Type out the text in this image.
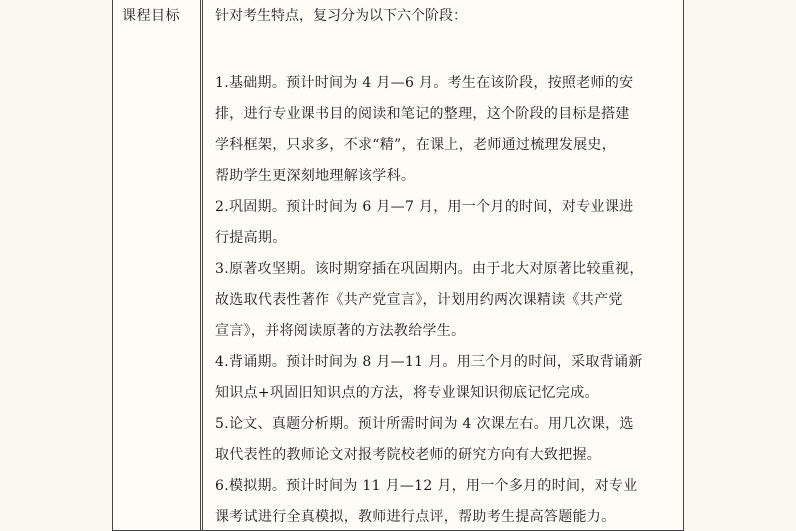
课程目标	针对考生特点，复习分为以下六个阶段：

1.基础期。预计时间为 4 月—6 月。考生在该阶段，按照老师的安
排，进行专业课书目的阅读和笔记的整理，这个阶段的目标是搭建
学科框架，只求多，不求“精”，在课上，老师通过梳理发展史，
帮助学生更深刻地理解该学科。

2.巩固期。预计时间为 6 月—7 月，用一个月的时间，对专业课进
行提高期。

3.原著攻坚期。该时期穿插在巩固期内。由于北大对原著比较重视，
故选取代表性著作《共产党宣言》，计划用约两次课精读《共产党
宣言》，并将阅读原著的方法教给学生。

4.背诵期。预计时间为 8 月—11 月。用三个月的时间，采取背诵新
知识点+巩固旧知识点的方法，将专业课知识彻底记忆完成。

5.论文、真题分析期。预计所需时间为 4 次课左右。用几次课，选
取代表性的教师论文对报考院校老师的研究方向有大致把握。

6.模拟期。预计时间为 11 月—12 月，用一个多月的时间，对专业
课考试进行全真模拟，教师进行点评，帮助考生提高答题能力。
